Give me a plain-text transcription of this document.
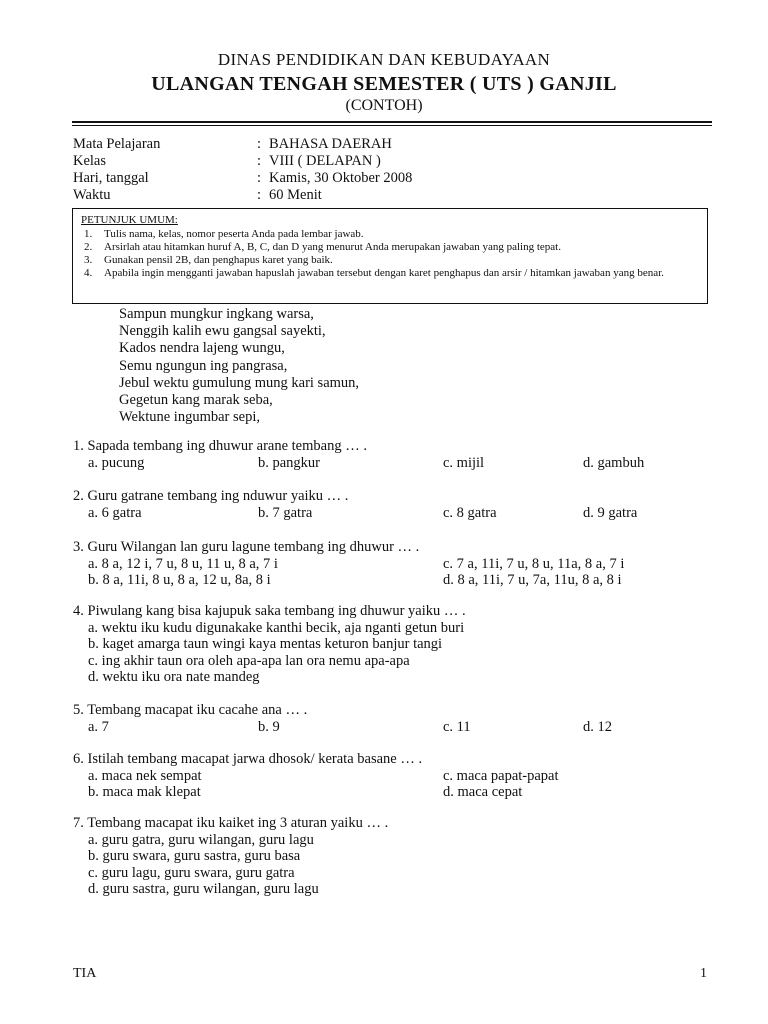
DINAS PENDIDIKAN DAN KEBUDAYAAN
ULANGAN TENGAH SEMESTER ( UTS ) GANJIL
(CONTOH)
Mata Pelajaran	: BAHASA DAERAH
Kelas	: VIII ( DELAPAN )
Hari, tanggal	: Kamis, 30 Oktober 2008
Waktu	: 60 Menit
PETUNJUK UMUM:
1. Tulis nama, kelas, nomor peserta Anda pada lembar jawab.
2. Arsirlah atau hitamkan huruf A, B, C, dan D yang menurut Anda merupakan jawaban yang paling tepat.
3. Gunakan pensil 2B, dan penghapus karet yang baik.
4. Apabila ingin mengganti jawaban hapuslah jawaban tersebut dengan karet penghapus dan arsir / hitamkan jawaban yang benar.
Sampun mungkur ingkang warsa,
Nenggih kalih ewu gangsal sayekti,
Kados nendra lajeng wungu,
Semu ngungun ing pangrasa,
Jebul wektu gumulung mung kari samun,
Gegetun kang marak seba,
Wektune ingumbar sepi,
1. Sapada tembang ing dhuwur arane tembang … .
a. pucung	b. pangkur	c. mijil	d. gambuh
2. Guru gatrane tembang ing nduwur yaiku … .
a. 6 gatra	b. 7 gatra	c. 8 gatra	d. 9 gatra
3. Guru Wilangan lan guru lagune tembang ing dhuwur … .
a. 8 a, 12 i, 7 u, 8 u, 11 u, 8 a, 7 i	c. 7 a, 11i, 7 u, 8 u, 11a, 8 a, 7 i
b. 8 a, 11i, 8 u, 8 a, 12 u, 8a, 8 i	d. 8 a, 11i, 7 u, 7a, 11u, 8 a, 8 i
4. Piwulang kang bisa kajupuk saka tembang ing dhuwur yaiku … .
a. wektu iku kudu digunakake kanthi becik, aja nganti getun buri
b. kaget amarga taun wingi kaya mentas keturon banjur tangi
c. ing akhir taun ora oleh apa-apa lan ora nemu apa-apa
d. wektu iku ora nate mandeg
5. Tembang macapat iku cacahe ana … .
a. 7	b. 9	c. 11	d. 12
6. Istilah tembang macapat jarwa dhosok/ kerata basane … .
a. maca nek sempat	c. maca papat-papat
b. maca mak klepat	d. maca cepat
7. Tembang macapat iku kaiket ing 3 aturan yaiku … .
a. guru gatra, guru wilangan, guru lagu
b. guru swara, guru sastra, guru basa
c. guru lagu, guru swara, guru gatra
d. guru sastra, guru wilangan, guru lagu
TIA	1
